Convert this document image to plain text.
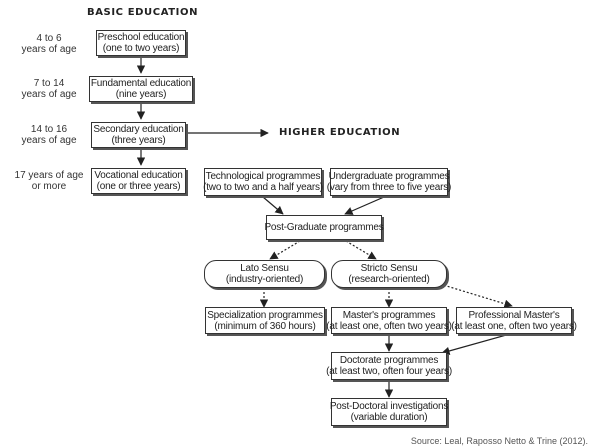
BASIC EDUCATION
HIGHER EDUCATION
4 to 6
years of age
7 to 14
years of age
14 to 16
years of age
17 years of age
or more
Preschool education
(one to two years)
Fundamental education
(nine years)
Secondary education
(three years)
Vocational education
(one or three years)
Technological programmes
(two to two and a half years)
Undergraduate programmes
(vary from three to five years)
Post-Graduate programmes
Lato Sensu
(industry-oriented)
Stricto Sensu
(research-oriented)
Specialization programmes
(minimum of 360 hours)
Master's programmes
(at least one, often two years)
Professional Master's
(at least one, often two years)
Doctorate programmes
(at least two, often four years)
Post-Doctoral investigations
(variable duration)
Source: Leal, Raposso Netto & Trine (2012).
